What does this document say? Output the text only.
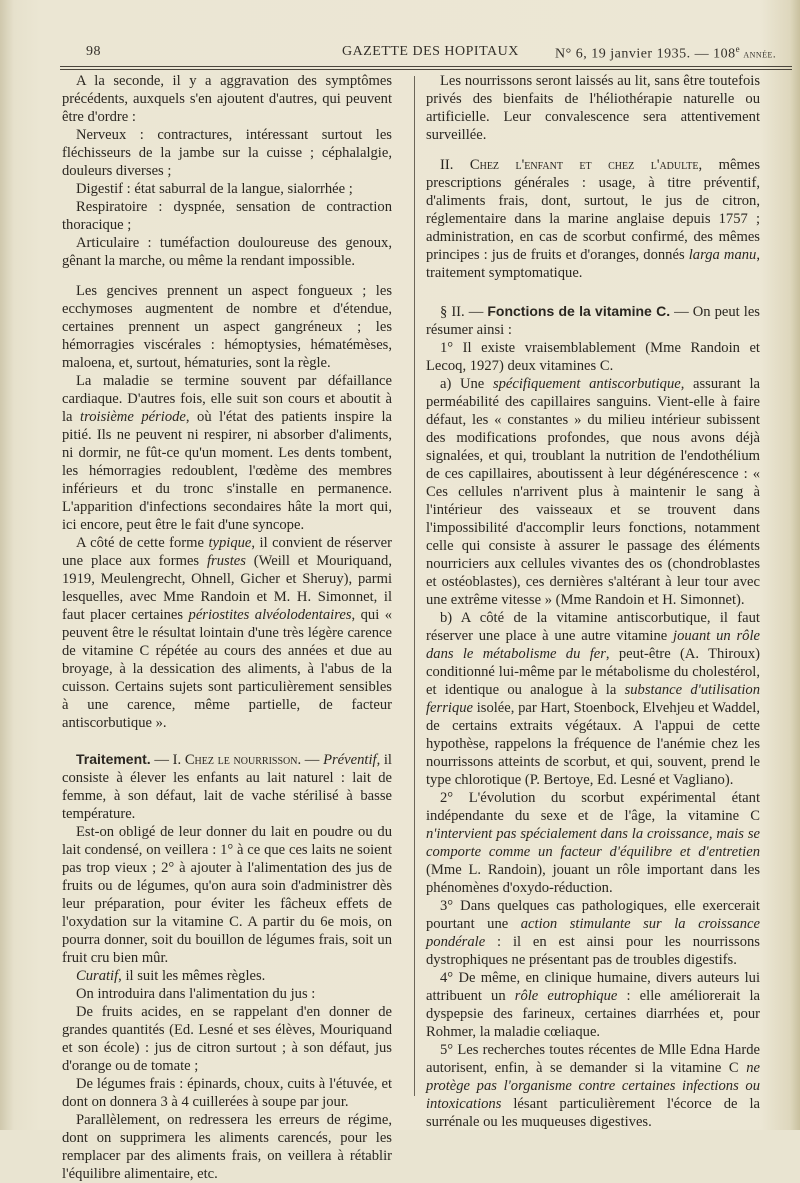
98	GAZETTE DES HOPITAUX	N° 6, 19 janvier 1935. — 108e année.

A la seconde, il y a aggravation des symptômes précédents, auxquels s'en ajoutent d'autres, qui peuvent être d'ordre :

Nerveux : contractures, intéressant surtout les fléchisseurs de la jambe sur la cuisse ; céphalalgie, douleurs diverses ;

Digestif : état saburral de la langue, sialorrhée ;

Respiratoire : dyspnée, sensation de contraction thoracique ;

Articulaire : tuméfaction douloureuse des genoux, gênant la marche, ou même la rendant impossible.

Les gencives prennent un aspect fongueux ; les ecchymoses augmentent de nombre et d'étendue, certaines prennent un aspect gangréneux ; les hémorragies viscérales : hémoptysies, hématémèses, maloena, et, surtout, hématuries, sont la règle.

La maladie se termine souvent par défaillance cardiaque. D'autres fois, elle suit son cours et aboutit à la troisième période, où l'état des patients inspire la pitié. Ils ne peuvent ni respirer, ni absorber d'aliments, ni dormir, ne fût-ce qu'un moment. Les dents tombent, les hémorragies redoublent, l'œdème des membres inférieurs et du tronc s'installe en permanence. L'apparition d'infections secondaires hâte la mort qui, ici encore, peut être le fait d'une syncope.

A côté de cette forme typique, il convient de réserver une place aux formes frustes (Weill et Mouriquand, 1919, Meulengrecht, Ohnell, Gicher et Sheruy), parmi lesquelles, avec Mme Randoin et M. H. Simonnet, il faut placer certaines périostites alvéolodentaires, qui « peuvent être le résultat lointain d'une très légère carence de vitamine C répétée au cours des années et due au broyage, à la dessication des aliments, à l'abus de la cuisson. Certains sujets sont particulièrement sensibles à une carence, même partielle, de facteur antiscorbutique ».

Traitement. — I. Chez le nourrisson. — Préventif, il consiste à élever les enfants au lait naturel : lait de femme, à son défaut, lait de vache stérilisé à basse température.

Est-on obligé de leur donner du lait en poudre ou du lait condensé, on veillera : 1° à ce que ces laits ne soient pas trop vieux ; 2° à ajouter à l'alimentation des jus de fruits ou de légumes, qu'on aura soin d'administrer dès leur préparation, pour éviter les fâcheux effets de l'oxydation sur la vitamine C. A partir du 6e mois, on pourra donner, soit du bouillon de légumes frais, soit un fruit cru bien mûr.

Curatif, il suit les mêmes règles.

On introduira dans l'alimentation du jus :

De fruits acides, en se rappelant d'en donner de grandes quantités (Ed. Lesné et ses élèves, Mouriquand et son école) : jus de citron surtout ; à son défaut, jus d'orange ou de tomate ;

De légumes frais : épinards, choux, cuits à l'étuvée, et dont on donnera 3 à 4 cuillerées à soupe par jour.

Parallèlement, on redressera les erreurs de régime, dont on supprimera les aliments carencés, pour les remplacer par des aliments frais, on veillera à rétablir l'équilibre alimentaire, etc.

Les nourrissons seront laissés au lit, sans être toutefois privés des bienfaits de l'héliothérapie naturelle ou artificielle. Leur convalescence sera attentivement surveillée.

II. Chez l'enfant et chez l'adulte, mêmes prescriptions générales : usage, à titre préventif, d'aliments frais, dont, surtout, le jus de citron, réglementaire dans la marine anglaise depuis 1757 ; administration, en cas de scorbut confirmé, des mêmes principes : jus de fruits et d'oranges, donnés larga manu, traitement symptomatique.

§ II. — Fonctions de la vitamine C. — On peut les résumer ainsi :

1° Il existe vraisemblablement (Mme Randoin et Lecoq, 1927) deux vitamines C.

a) Une spécifiquement antiscorbutique, assurant la perméabilité des capillaires sanguins. Vient-elle à faire défaut, les « constantes » du milieu intérieur subissent des modifications profondes, que nous avons déjà signalées, et qui, troublant la nutrition de l'endothélium de ces capillaires, aboutissent à leur dégénérescence : « Ces cellules n'arrivent plus à maintenir le sang à l'intérieur des vaisseaux et se trouvent dans l'impossibilité d'accomplir leurs fonctions, notamment celle qui consiste à assurer le passage des éléments nourriciers aux cellules vivantes des os (chondroblastes et ostéoblastes), ces dernières s'altérant à leur tour avec une extrême vitesse » (Mme Randoin et H. Simonnet).

b) A côté de la vitamine antiscorbutique, il faut réserver une place à une autre vitamine jouant un rôle dans le métabolisme du fer, peut-être (A. Thiroux) conditionné lui-même par le métabolisme du cholestérol, et identique ou analogue à la substance d'utilisation ferrique isolée, par Hart, Stoenbock, Elvehjeu et Waddel, de certains extraits végétaux. A l'appui de cette hypothèse, rappelons la fréquence de l'anémie chez les nourrissons atteints de scorbut, et qui, souvent, prend le type chlorotique (P. Bertoye, Ed. Lesné et Vagliano).

2° L'évolution du scorbut expérimental étant indépendante du sexe et de l'âge, la vitamine C n'intervient pas spécialement dans la croissance, mais se comporte comme un facteur d'équilibre et d'entretien (Mme L. Randoin), jouant un rôle important dans les phénomènes d'oxydo-réduction.

3° Dans quelques cas pathologiques, elle exercerait pourtant une action stimulante sur la croissance pondérale : il en est ainsi pour les nourrissons dystrophiques ne présentant pas de troubles digestifs.

4° De même, en clinique humaine, divers auteurs lui attribuent un rôle eutrophique : elle améliorerait la dyspepsie des farineux, certaines diarrhées et, pour Rohmer, la maladie cœliaque.

5° Les recherches toutes récentes de Mlle Edna Harde autorisent, enfin, à se demander si la vitamine C ne protège pas l'organisme contre certaines infections ou intoxications lésant particulièrement l'écorce de la surrénale ou les muqueuses digestives.
